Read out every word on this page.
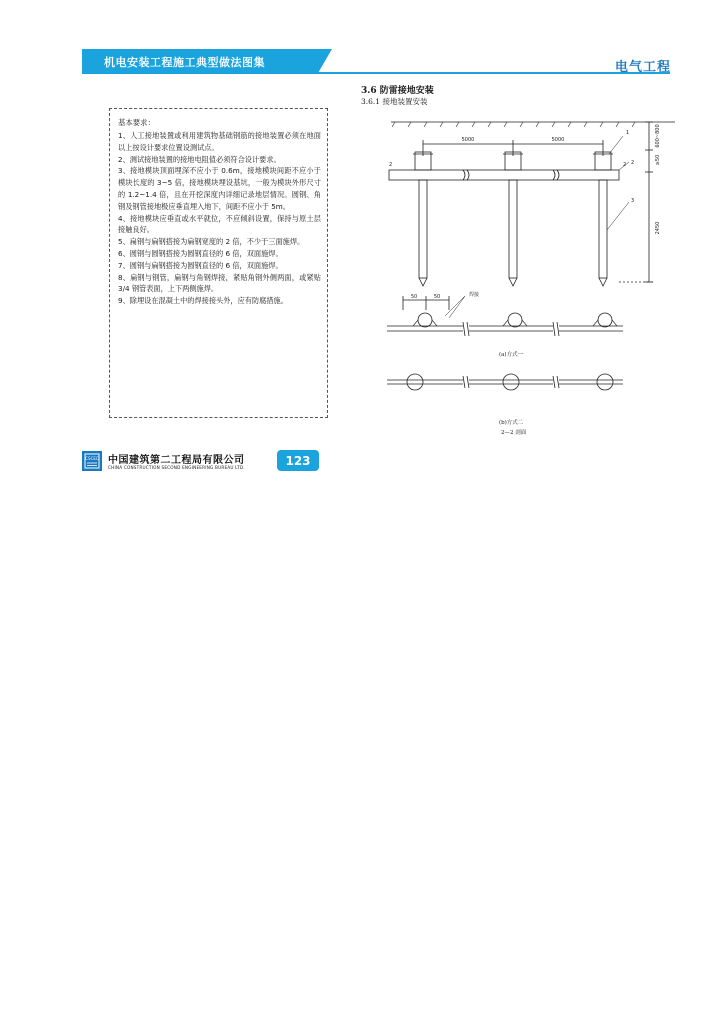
机电安装工程施工典型做法图集	电气工程
3.6 防雷接地安装
3.6.1 接地装置安装

基本要求：

1、人工接地装置或利用建筑物基础钢筋的接地装置必须在地面以上按设计要求位置设测试点。
2、测试接地装置的接地电阻值必须符合设计要求。
3、接地模块顶面埋深不应小于 0.6m，接地模块间距不应小于模块长度的 3~5 倍，接地模块埋设基坑，一般为模块外形尺寸的 1.2~1.4 倍，且在开挖深度内详细记录地层情况。圆钢、角钢及钢管接地极应垂直埋入地下，间距不应小于 5m。
4、接地模块应垂直或水平就位，不应倾斜设置，保持与原土层接触良好。
5、扁钢与扁钢搭接为扁钢宽度的 2 倍，不少于三面施焊。
6、圆钢与圆钢搭接为圆钢直径的 6 倍，双面施焊。
7、圆钢与扁钢搭接为圆钢直径的 6 倍，双面施焊。
8、扁钢与钢管，扁钢与角钢焊接，紧贴角钢外侧两面，或紧贴 3/4 钢管表面，上下两侧施焊。
9、除埋设在混凝土中的焊接接头外，应有防腐措施。
5000	5000	600~800
≥50
2450
1
2
3
2	2
焊接
50	50
(a)方式一
(b)方式二
2—2 剖面
CSCEC 中国建筑第二工程局有限公司
CHINA CONSTRUCTION SECOND ENGINEERING BUREAU LTD.	123
